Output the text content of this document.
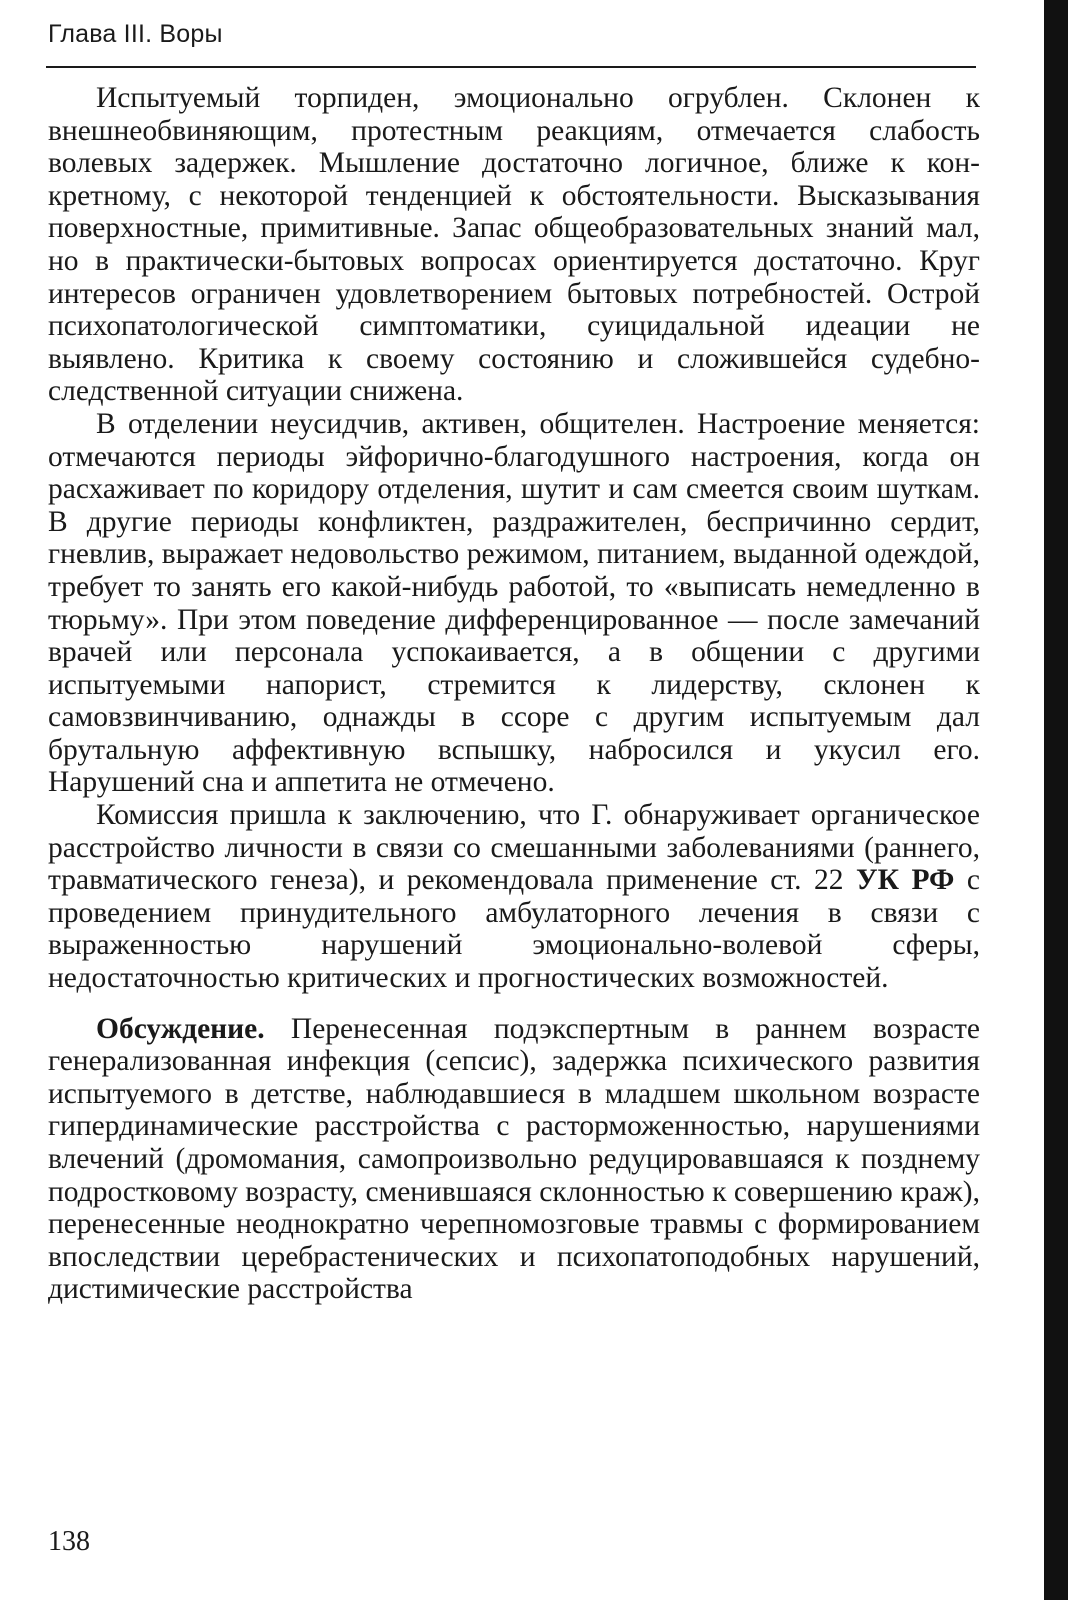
Глава III. Воры

Испытуемый торпиден, эмоционально огрублен. Склонен к внешнеобвиняющим, протестным реакциям, отмечается слабость волевых задержек. Мышление достаточно логичное, ближе к конкретному, с некоторой тенденцией к обстоятельности. Высказывания поверхностные, примитивные. Запас общеобразовательных знаний мал, но в практически-бытовых вопросах ориентируется достаточно. Круг интересов ограничен удовлетворением бытовых потребностей. Острой психопатологической симптоматики, суицидальной идеации не выявлено. Критика к своему состоянию и сложившейся судебно-следственной ситуации снижена.

В отделении неусидчив, активен, общителен. Настроение меняется: отмечаются периоды эйфорично-благодушного настроения, когда он расхаживает по коридору отделения, шутит и сам смеется своим шуткам. В другие периоды конфликтен, раздражителен, беспричинно сердит, гневлив, выражает недовольство режимом, питанием, выданной одеждой, требует то занять его какой-нибудь работой, то «выписать немедленно в тюрьму». При этом поведение дифференцированное — после замечаний врачей или персонала успокаивается, а в общении с другими испытуемыми напорист, стремится к лидерству, склонен к самовзвинчиванию, однажды в ссоре с другим испытуемым дал брутальную аффективную вспышку, набросился и укусил его. Нарушений сна и аппетита не отмечено.

Комиссия пришла к заключению, что Г. обнаруживает органическое расстройство личности в связи со смешанными заболеваниями (раннего, травматического генеза), и рекомендовала применение ст. 22 УК РФ с проведением принудительного амбулаторного лечения в связи с выраженностью нарушений эмоционально-волевой сферы, недостаточностью критических и прогностических возможностей.

Обсуждение. Перенесенная подэкспертным в раннем возрасте генерализованная инфекция (сепсис), задержка психического развития испытуемого в детстве, наблюдавшиеся в младшем школьном возрасте гипердинамические расстройства с расторможенностью, нарушениями влечений (дромомания, самопроизвольно редуцировавшаяся к позднему подростковому возрасту, сменившаяся склонностью к совершению краж), перенесенные неоднократно черепномозговые травмы с формированием впоследствии церебрастенических и психопатоподобных нарушений, дистимические расстройства

138
